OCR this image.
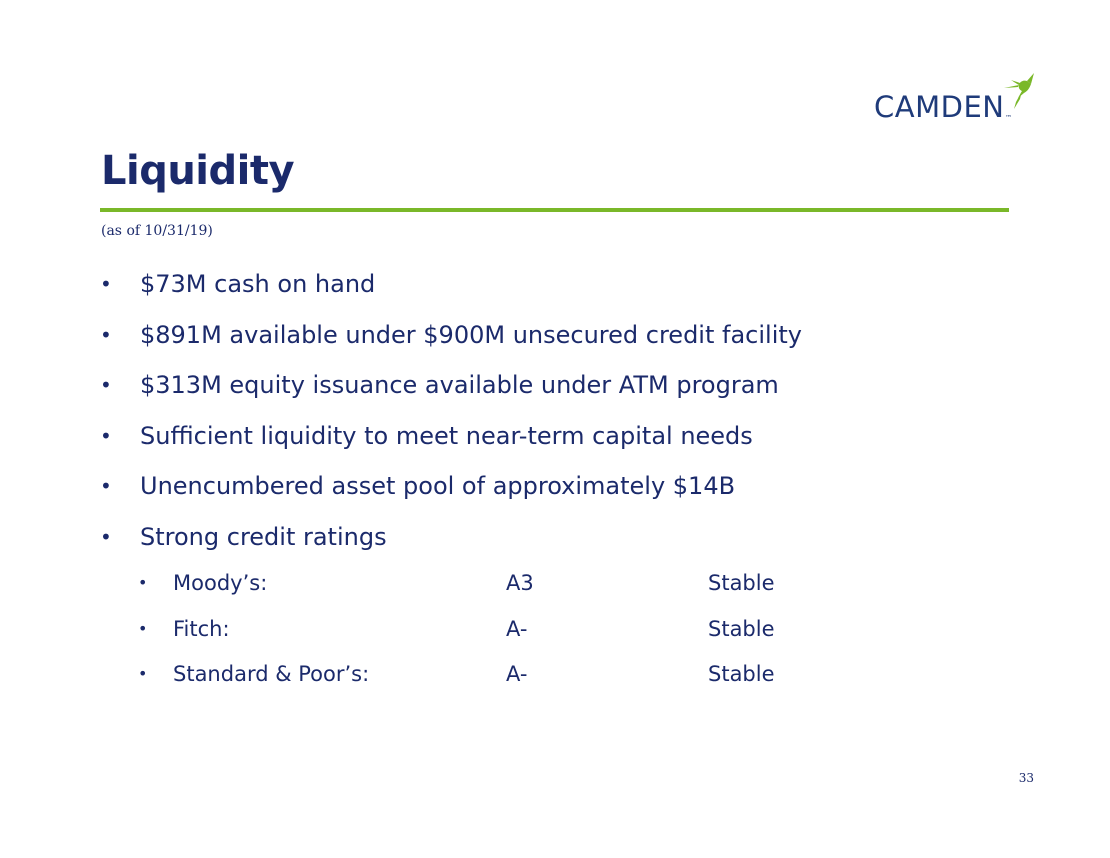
CAMDEN ™
Liquidity
(as of 10/31/19)
• $73M cash on hand
• $891M available under $900M unsecured credit facility
• $313M equity issuance available under ATM program
• Sufficient liquidity to meet near-term capital needs
• Unencumbered asset pool of approximately $14B
• Strong credit ratings
• Moody’s:	A3	Stable
• Fitch:	A-	Stable
• Standard & Poor’s:	A-	Stable
33
